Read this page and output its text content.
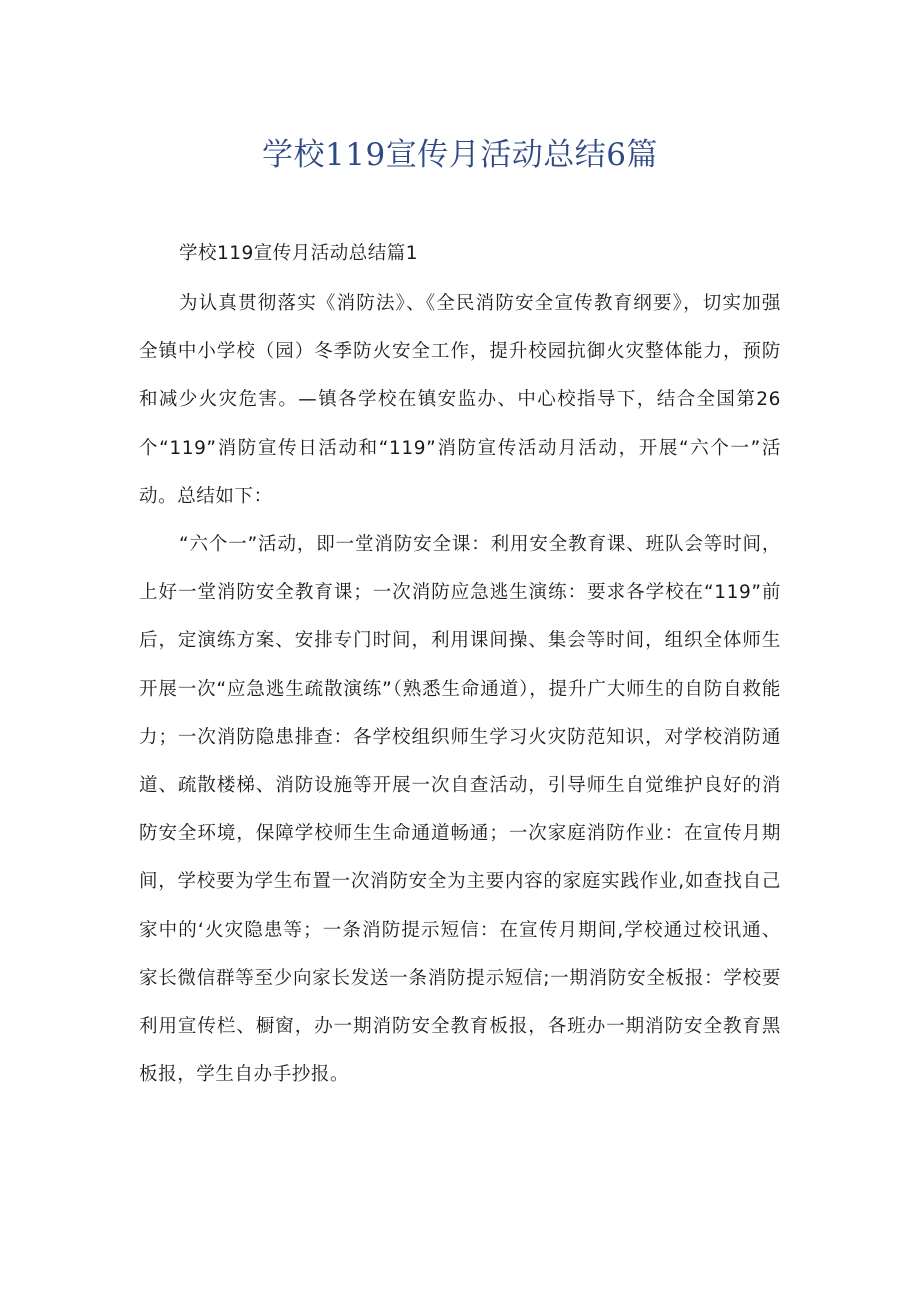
学校119宣传月活动总结6篇

学校119宣传月活动总结篇1

为认真贯彻落实《消防法》、《全民消防安全宣传教育纲要》，切实加强全镇中小学校（园）冬季防火安全工作，提升校园抗御火灾整体能力，预防和减少火灾危害。—镇各学校在镇安监办、中心校指导下，结合全国第26个“119”消防宣传日活动和“119”消防宣传活动月活动，开展“六个一”活动。总结如下：

“六个一”活动，即一堂消防安全课：利用安全教育课、班队会等时间，上好一堂消防安全教育课；一次消防应急逃生演练：要求各学校在“119”前后，定演练方案、安排专门时间，利用课间操、集会等时间，组织全体师生开展一次“应急逃生疏散演练”（熟悉生命通道），提升广大师生的自防自救能力；一次消防隐患排查：各学校组织师生学习火灾防范知识，对学校消防通道、疏散楼梯、消防设施等开展一次自查活动，引导师生自觉维护良好的消防安全环境，保障学校师生生命通道畅通；一次家庭消防作业：在宣传月期间，学校要为学生布置一次消防安全为主要内容的家庭实践作业,如查找自己家中的‘火灾隐患等；一条消防提示短信：在宣传月期间,学校通过校讯通、家长微信群等至少向家长发送一条消防提示短信;一期消防安全板报：学校要利用宣传栏、橱窗，办一期消防安全教育板报，各班办一期消防安全教育黑板报，学生自办手抄报。
